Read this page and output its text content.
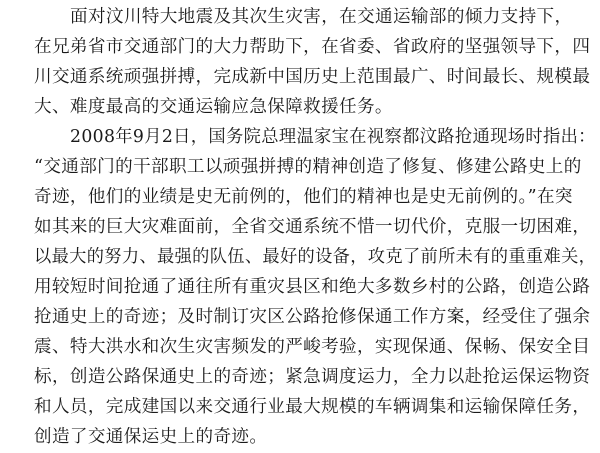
面对汶川特大地震及其次生灾害，在交通运输部的倾力支持下，
在兄弟省市交通部门的大力帮助下，在省委、省政府的坚强领导下，四
川交通系统顽强拼搏，完成新中国历史上范围最广、时间最长、规模最
大、难度最高的交通运输应急保障救援任务。
2008年9月2日，国务院总理温家宝在视察都汶路抢通现场时指出：
“交通部门的干部职工以顽强拼搏的精神创造了修复、修建公路史上的
奇迹，他们的业绩是史无前例的，他们的精神也是史无前例的。”在突
如其来的巨大灾难面前，全省交通系统不惜一切代价，克服一切困难，
以最大的努力、最强的队伍、最好的设备，攻克了前所未有的重重难关，
用较短时间抢通了通往所有重灾县区和绝大多数乡村的公路，创造公路
抢通史上的奇迹；及时制订灾区公路抢修保通工作方案，经受住了强余
震、特大洪水和次生灾害频发的严峻考验，实现保通、保畅、保安全目
标，创造公路保通史上的奇迹；紧急调度运力，全力以赴抢运保运物资
和人员，完成建国以来交通行业最大规模的车辆调集和运输保障任务，
创造了交通保运史上的奇迹。
